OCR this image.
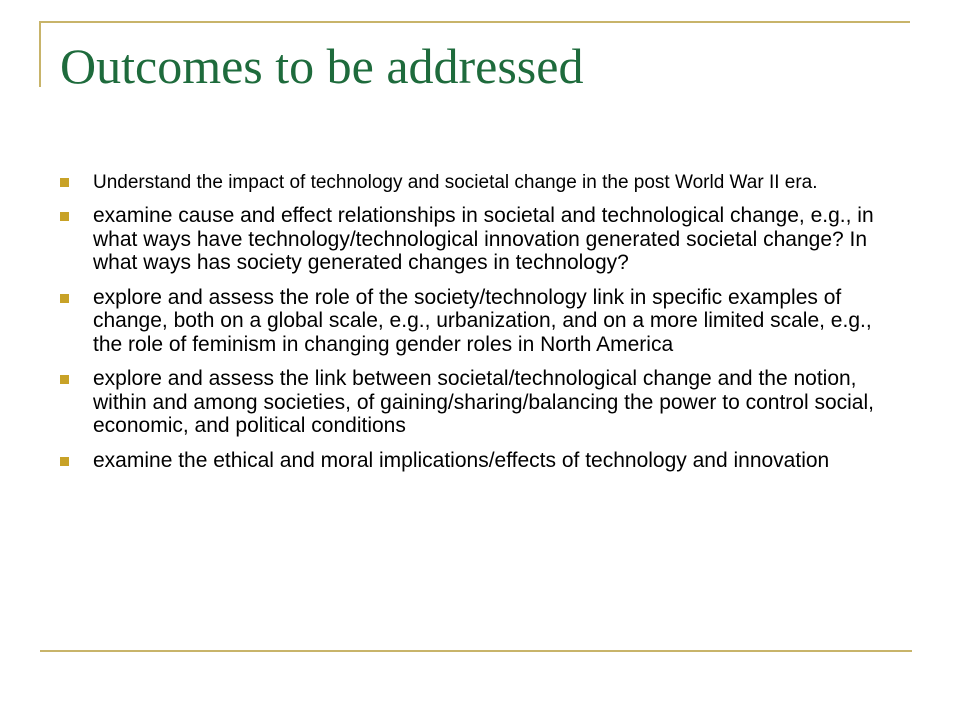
Outcomes to be addressed
Understand the impact of technology and societal change in the post World War II era.
examine cause and effect relationships in societal and technological change, e.g., in what ways have technology/technological innovation generated societal change? In what ways has society generated changes in technology?
explore and assess the role of the society/technology link in specific examples of change, both on a global scale, e.g., urbanization, and on a more limited scale, e.g., the role of feminism in changing gender roles in North America
explore and assess the link between societal/technological change and the notion, within and among societies, of gaining/sharing/balancing the power to control social, economic, and political conditions
examine the ethical and moral implications/effects of technology and innovation
